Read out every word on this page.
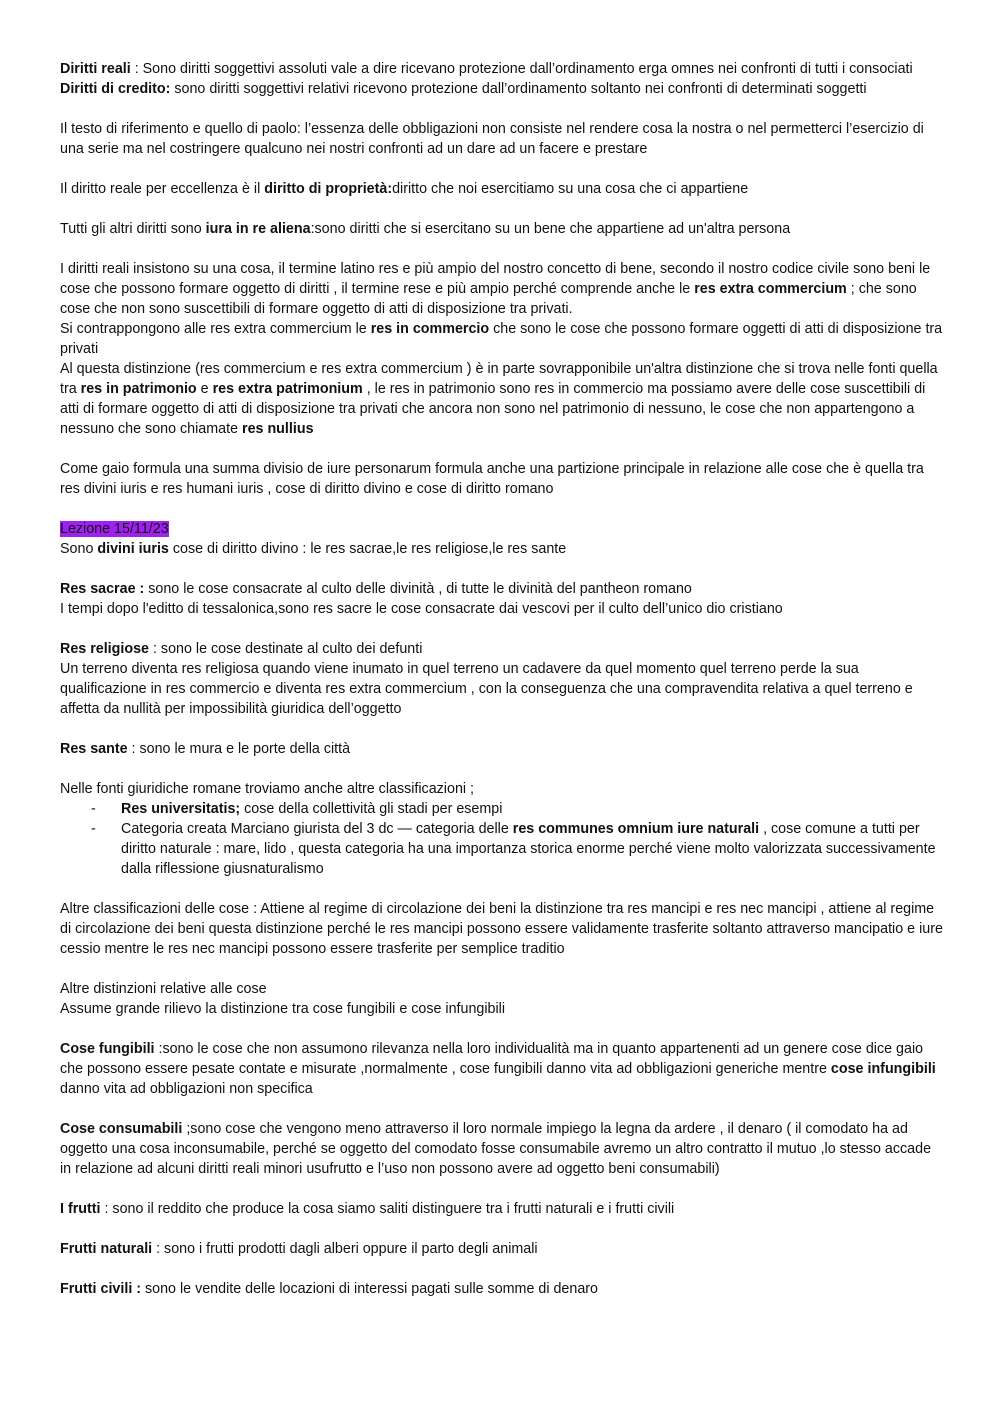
Diritti reali : Sono diritti soggettivi assoluti vale a dire ricevano protezione dall’ordinamento erga omnes nei confronti di tutti i consociati

Diritti di credito: sono diritti soggettivi relativi ricevono protezione dall’ordinamento soltanto nei confronti di determinati soggetti

Il testo di riferimento e quello di paolo: l’essenza delle obbligazioni non consiste nel rendere cosa la nostra o nel permetterci l’esercizio di una serie ma nel costringere qualcuno nei nostri confronti ad un dare ad un facere e prestare

Il diritto reale per eccellenza è il diritto di proprietà:diritto che noi esercitiamo su una cosa che ci appartiene

Tutti gli altri diritti sono iura in re aliena:sono diritti che si esercitano su un bene che appartiene ad un'altra persona

I diritti reali insistono su una cosa, il termine latino res e più ampio del nostro concetto di bene, secondo il nostro codice civile sono beni le cose che possono formare oggetto di diritti , il termine rese e più ampio perché comprende anche le res extra commercium ; che sono cose che non sono suscettibili di formare oggetto di atti di disposizione tra privati.

Si contrappongono alle res extra commercium le res in commercio che sono le cose che possono formare oggetti di atti di disposizione tra privati

Al questa distinzione (res commercium e res extra commercium ) è in parte sovrapponibile un'altra distinzione che si trova nelle fonti quella tra res in patrimonio e res extra patrimonium , le res in patrimonio sono res in commercio ma possiamo avere delle cose suscettibili di atti di formare oggetto di atti di disposizione tra privati che ancora non sono nel patrimonio di nessuno, le cose che non appartengono a nessuno che sono chiamate res nullius

Come gaio formula una summa divisio de iure personarum formula anche una partizione principale in relazione alle cose che è quella tra res divini iuris e res humani iuris , cose di diritto divino e cose di diritto romano

Lezione 15/11/23

Sono divini iuris cose di diritto divino : le res sacrae,le res religiose,le res sante

Res sacrae : sono le cose consacrate al culto delle divinità , di tutte le divinità del pantheon romano

I tempi dopo l'editto di tessalonica,sono res sacre le cose consacrate dai vescovi per il culto dell’unico dio cristiano

Res religiose : sono le cose destinate al culto dei defunti

Un terreno diventa res religiosa quando viene inumato in quel terreno un cadavere da quel momento quel terreno perde la sua qualificazione in res commercio e diventa res extra commercium , con la conseguenza che una compravendita relativa a quel terreno e affetta da nullità per impossibilità giuridica dell’oggetto

Res sante : sono le mura e le porte della città

Nelle fonti giuridiche romane troviamo anche altre classificazioni ;

- Res universitatis; cose della collettività gli stadi per esempi
- Categoria creata Marciano giurista del 3 dc — categoria delle res communes omnium iure naturali , cose comune a tutti per diritto naturale : mare, lido , questa categoria ha una importanza storica enorme perché viene molto valorizzata successivamente dalla riflessione giusnaturalismo

Altre classificazioni delle cose : Attiene al regime di circolazione dei beni la distinzione tra res mancipi e res nec mancipi , attiene al regime di circolazione dei beni questa distinzione perché le res mancipi possono essere validamente trasferite soltanto attraverso mancipatio e iure cessio mentre le res nec mancipi possono essere trasferite per semplice traditio

Altre distinzioni relative alle cose

Assume grande rilievo la distinzione tra cose fungibili e cose infungibili

Cose fungibili :sono le cose che non assumono rilevanza nella loro individualità ma in quanto appartenenti ad un genere cose dice gaio che possono essere pesate contate e misurate ,normalmente , cose fungibili danno vita ad obbligazioni generiche mentre cose infungibili danno vita ad obbligazioni non specifica

Cose consumabili ;sono cose che vengono meno attraverso il loro normale impiego la legna da ardere , il denaro ( il comodato ha ad oggetto una cosa inconsumabile, perché se oggetto del comodato fosse consumabile avremo un altro contratto il mutuo ,lo stesso accade in relazione ad alcuni diritti reali minori usufrutto e l’uso non possono avere ad oggetto beni consumabili)

I frutti : sono il reddito che produce la cosa siamo saliti distinguere tra i frutti naturali e i frutti civili

Frutti naturali : sono i frutti prodotti dagli alberi oppure il parto degli animali

Frutti civili : sono le vendite delle locazioni di interessi pagati sulle somme di denaro
